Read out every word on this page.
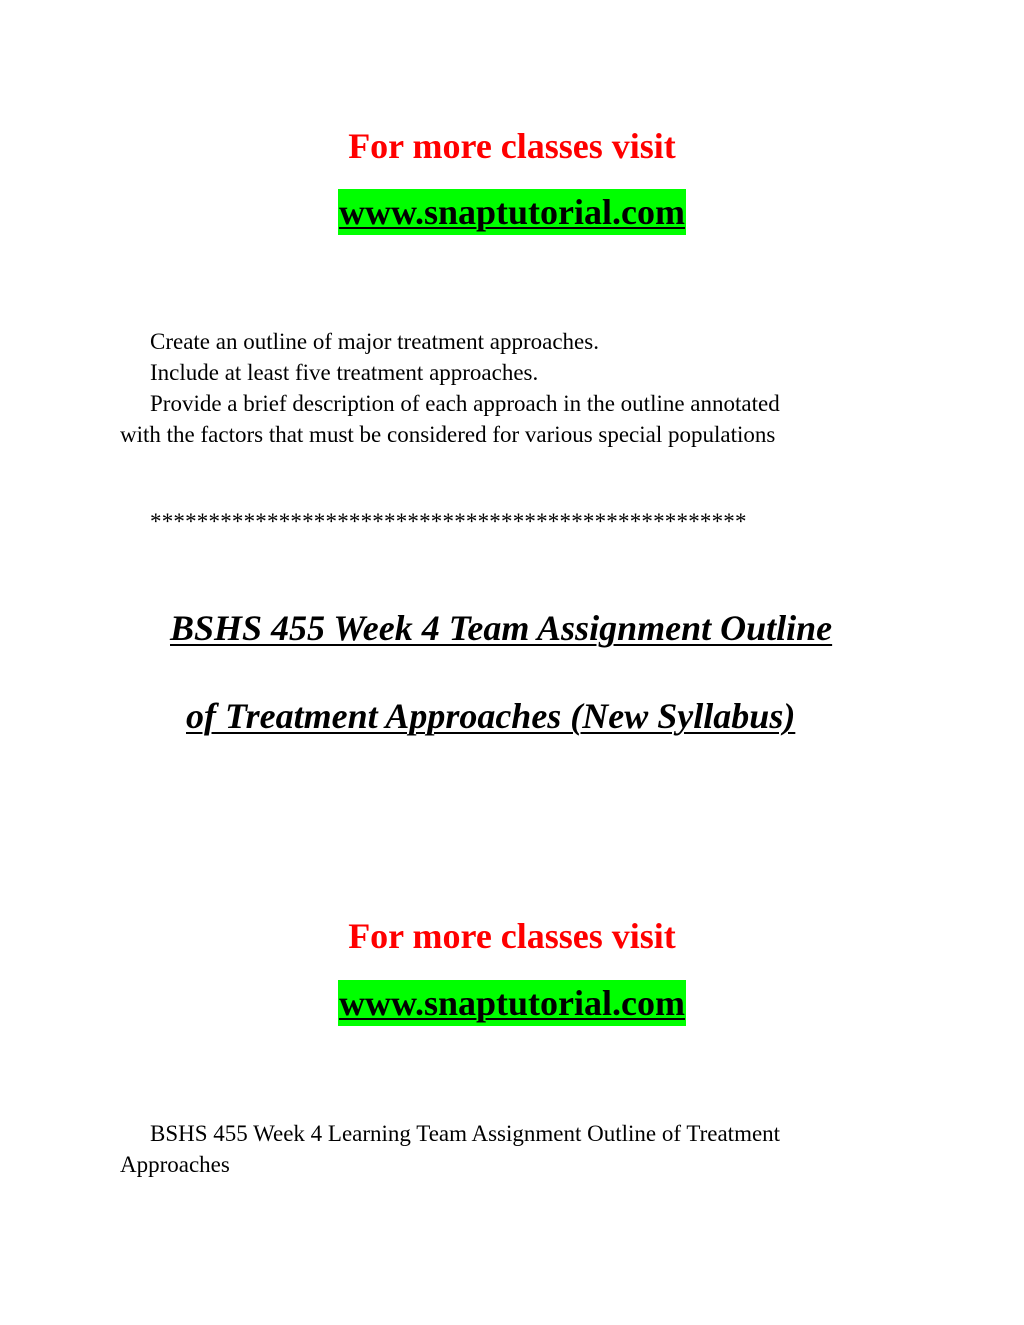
For more classes visit
www.snaptutorial.com
Create an outline of major treatment approaches.
Include at least five treatment approaches.
Provide a brief description of each approach in the outline annotated
with the factors that must be considered for various special populations
***************************************************
BSHS 455 Week 4 Team Assignment Outline
of Treatment Approaches (New Syllabus)
For more classes visit
www.snaptutorial.com
BSHS 455 Week 4 Learning Team Assignment Outline of Treatment
Approaches
